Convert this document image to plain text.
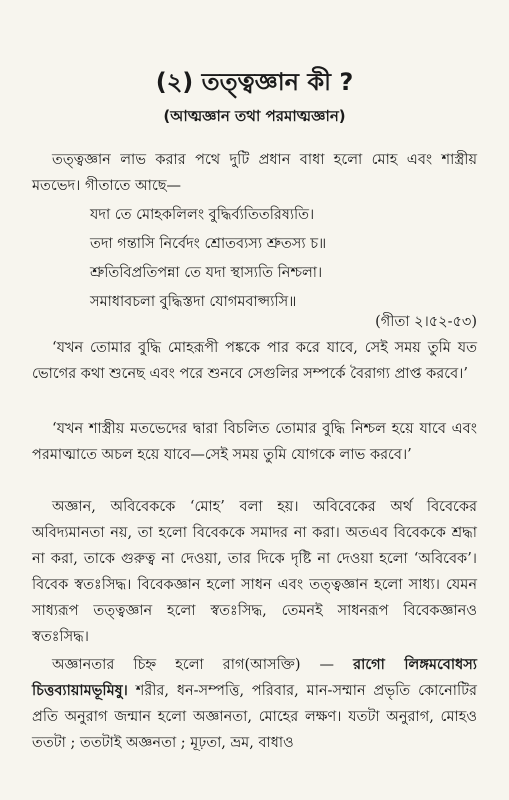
(২) তত্ত্বজ্ঞান কী ?
(আত্মজ্ঞান তথা পরমাত্মজ্ঞান)
তত্ত্বজ্ঞান লাভ করার পথে দুটি প্রধান বাধা হলো মোহ এবং শাস্ত্রীয় মতভেদ। গীতাতে আছে—
যদা তে মোহকলিলং বুদ্ধির্ব্যতিতরিষ্যতি।
তদা গন্তাসি নির্বেদং শ্রোতব্যস্য শ্রুতস্য চ॥
শ্রুতিবিপ্রতিপন্না তে যদা স্থাস্যতি নিশ্চলা।
সমাধাবচলা বুদ্ধিস্তদা যোগমবাপ্স্যসি॥
(গীতা ২।৫২-৫৩)
‘যখন তোমার বুদ্ধি মোহরূপী পঙ্ককে পার করে যাবে, সেই সময় তুমি যত ভোগের কথা শুনেছ এবং পরে শুনবে সেগুলির সম্পর্কে বৈরাগ্য প্রাপ্ত করবে।’
‘যখন শাস্ত্রীয় মতভেদের দ্বারা বিচলিত তোমার বুদ্ধি নিশ্চল হয়ে যাবে এবং পরমাত্মাতে অচল হয়ে যাবে—সেই সময় তুমি যোগকে লাভ করবে।’
অজ্ঞান, অবিবেককে ‘মোহ’ বলা হয়। অবিবেকের অর্থ বিবেকের অবিদ্যমানতা নয়, তা হলো বিবেককে সমাদর না করা। অতএব বিবেককে শ্রদ্ধা না করা, তাকে গুরুত্ব না দেওয়া, তার দিকে দৃষ্টি না দেওয়া হলো ‘অবিবেক’। বিবেক স্বতঃসিদ্ধ। বিবেকজ্ঞান হলো সাধন এবং তত্ত্বজ্ঞান হলো সাধ্য। যেমন সাধ্যরূপ তত্ত্বজ্ঞান হলো স্বতঃসিদ্ধ, তেমনই সাধনরূপ বিবেকজ্ঞানও স্বতঃসিদ্ধ।
অজ্ঞানতার চিহ্ন হলো রাগ(আসক্তি) — রাগো লিঙ্গমবোধস্য চিত্তব্যায়ামভূমিষু। শরীর, ধন-সম্পত্তি, পরিবার, মান-সম্মান প্রভৃতি কোনোটির প্রতি অনুরাগ জন্মান হলো অজ্ঞানতা, মোহের লক্ষণ। যতটা অনুরাগ, মোহও ততটা ; ততটাই অজ্ঞনতা ; মূঢ়তা, ভ্রম, বাধাও
